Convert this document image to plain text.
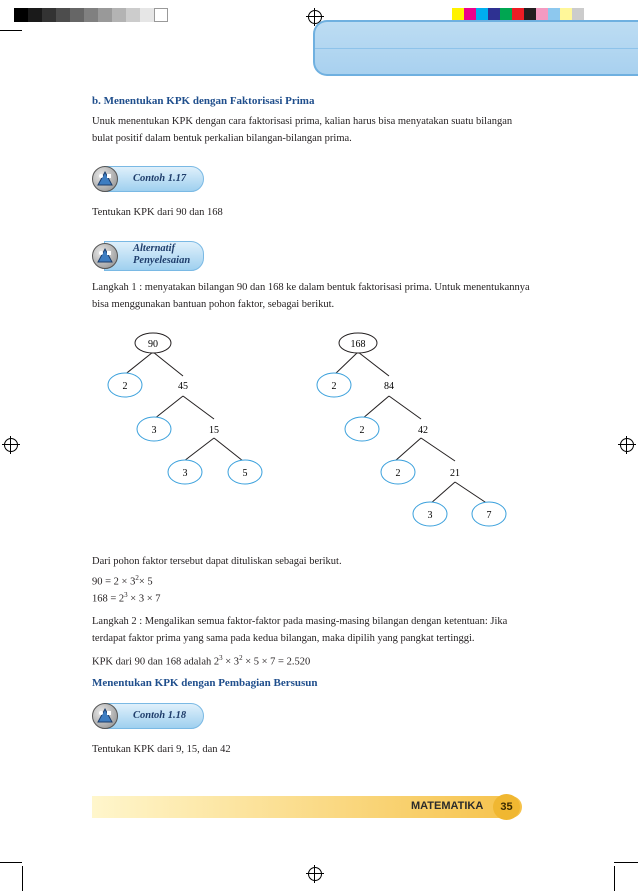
b. Menentukan KPK dengan Faktorisasi Prima
Unuk menentukan KPK dengan cara faktorisasi prima, kalian harus bisa menyatakan suatu bilangan bulat positif dalam bentuk perkalian bilangan-bilangan prima.
Contoh 1.17
Tentukan KPK dari 90 dan 168
Alternatif
Penyelesaian
Langkah 1 : menyatakan bilangan 90 dan 168 ke dalam bentuk faktorisasi prima. Untuk menentukannya bisa menggunakan bantuan pohon faktor, sebagai berikut.
90
2	45
3	15
3	5
168
2	84
2	42
2	21
3	7
Dari pohon faktor tersebut dapat dituliskan sebagai berikut.
$90 = 2 \times 3^2\times 5$
$168 = 2^3 \times 3 \times 7$
Langkah 2 : Mengalikan semua faktor-faktor pada masing-masing bilangan dengan ketentuan: Jika terdapat faktor prima yang sama pada kedua bilangan, maka dipilih yang pangkat tertinggi.
KPK dari 90 dan 168 adalah $2^3 \times 3^2 \times 5 \times 7 = 2.520$
Menentukan KPK dengan Pembagian Bersusun
Contoh 1.18
Tentukan KPK dari 9, 15, dan 42
MATEMATIKA	35
